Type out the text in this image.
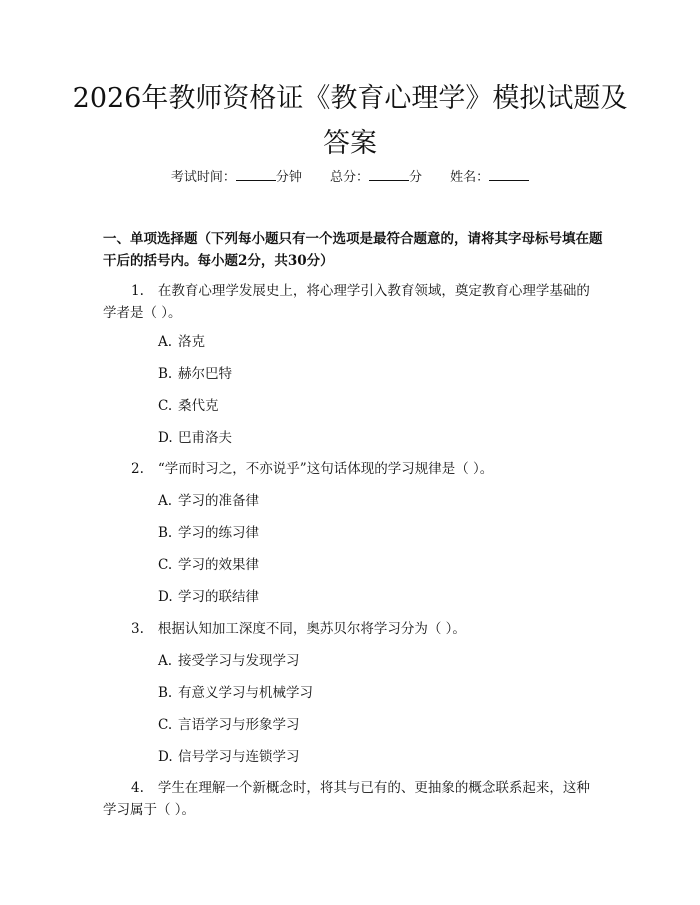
2026年教师资格证《教育心理学》模拟试题及答案
考试时间：	分钟 总分：	分 姓名：
一、单项选择题（下列每小题只有一个选项是最符合题意的，请将其字母标号填在题干后的括号内。每小题2分，共30分）
1. 在教育心理学发展史上，将心理学引入教育领域，奠定教育心理学基础的学者是（ ）。
A. 洛克
B. 赫尔巴特
C. 桑代克
D. 巴甫洛夫
2. “学而时习之，不亦说乎”这句话体现的学习规律是（ ）。
A. 学习的准备律
B. 学习的练习律
C. 学习的效果律
D. 学习的联结律
3. 根据认知加工深度不同，奥苏贝尔将学习分为（ ）。
A. 接受学习与发现学习
B. 有意义学习与机械学习
C. 言语学习与形象学习
D. 信号学习与连锁学习
4. 学生在理解一个新概念时，将其与已有的、更抽象的概念联系起来，这种学习属于（ ）。
